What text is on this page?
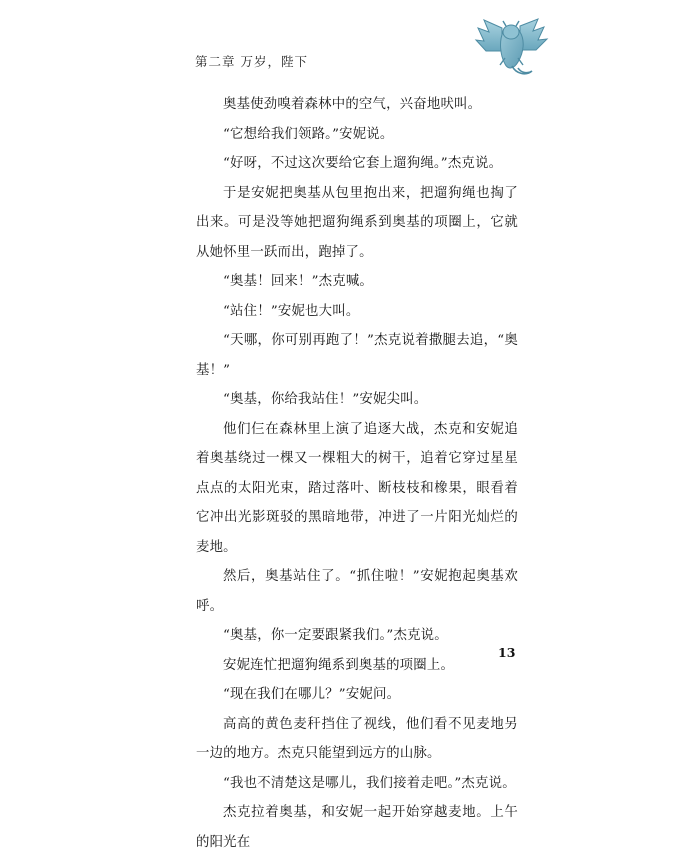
第二章 万岁，陛下

奥基使劲嗅着森林中的空气，兴奋地吠叫。

“它想给我们领路。”安妮说。

“好呀，不过这次要给它套上遛狗绳。”杰克说。

于是安妮把奥基从包里抱出来，把遛狗绳也掏了出来。可是没等她把遛狗绳系到奥基的项圈上，它就从她怀里一跃而出，跑掉了。

“奥基！回来！”杰克喊。

“站住！”安妮也大叫。

“天哪，你可别再跑了！”杰克说着撒腿去追，“奥基！”

“奥基，你给我站住！”安妮尖叫。

他们仨在森林里上演了追逐大战，杰克和安妮追着奥基绕过一棵又一棵粗大的树干，追着它穿过星星点点的太阳光束，踏过落叶、断枝枝和橡果，眼看着它冲出光影斑驳的黑暗地带，冲进了一片阳光灿烂的麦地。

然后，奥基站住了。“抓住啦！”安妮抱起奥基欢呼。

“奥基，你一定要跟紧我们。”杰克说。

安妮连忙把遛狗绳系到奥基的项圈上。

“现在我们在哪儿？”安妮问。

高高的黄色麦秆挡住了视线，他们看不见麦地另一边的地方。杰克只能望到远方的山脉。

“我也不清楚这是哪儿，我们接着走吧。”杰克说。

杰克拉着奥基，和安妮一起开始穿越麦地。上午的阳光在

13
